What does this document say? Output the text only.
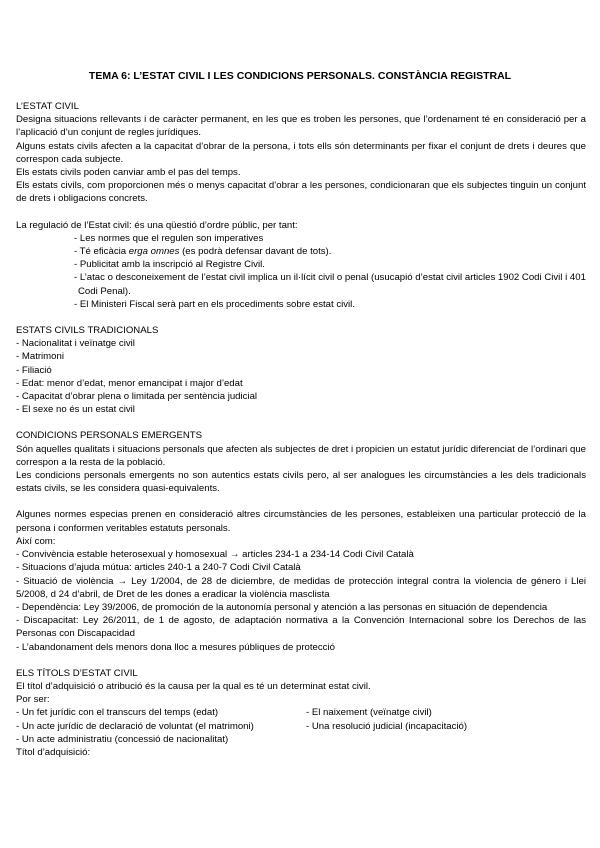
TEMA 6: L’ESTAT CIVIL I LES CONDICIONS PERSONALS. CONSTÀNCIA REGISTRAL

L’ESTAT CIVIL

Designa situacions rellevants i de caràcter permanent, en les que es troben les persones, que l’ordenament té en consideració per a l’aplicació d’un conjunt de regles jurídiques.

Alguns estats civils afecten a la capacitat d’obrar de la persona, i tots ells són determinants per fixar el conjunt de drets i deures que correspon cada subjecte.

Els estats civils poden canviar amb el pas del temps.

Els estats civils, com proporcionen més o menys capacitat d’obrar a les persones, condicionaran que els subjectes tinguin un conjunt de drets i obligacions concrets.

La regulació de l’Estat civil: és una qüestió d’ordre públic, per tant:

- Les normes que el regulen son imperatives
- Té eficàcia erga omnes (es podrà defensar davant de tots).
- Publicitat amb la inscripció al Registre Civil.
- L’atac o desconeixement de l’estat civil implica un il·lícit civil o penal (usucapió d’estat civil articles 1902 Codi Civil i 401 Codi Penal).
- El Ministeri Fiscal serà part en els procediments sobre estat civil.

ESTATS CIVILS TRADICIONALS

- Nacionalitat i veïnatge civil
- Matrimoni
- Filiació
- Edat: menor d’edat, menor emancipat i major d’edat
- Capacitat d’obrar plena o limitada per sentència judicial
- El sexe no és un estat civil

CONDICIONS PERSONALS EMERGENTS

Són aquelles qualitats i situacions personals que afecten als subjectes de dret i propicien un estatut jurídic diferenciat de l’ordinari que correspon a la resta de la població.

Les condicions personals emergents no son autentics estats civils pero, al ser analogues les circumstàncies a les dels tradicionals estats civils, se les considera quasi-equivalents.

Algunes normes especias prenen en consideració altres circumstàncies de les persones, estableixen una particular protecció de la persona i conformen veritables estatuts personals.

Així com:

- Convivència estable heterosexual y homosexual → articles 234-1 a 234-14 Codi Civil Català
- Situacions d’ajuda mútua: articles 240-1 a 240-7 Codi Civil Català
- Situació de violència → Ley 1/2004, de 28 de diciembre, de medidas de protección integral contra la violencia de género i Llei 5/2008, d 24 d’abril, de Dret de les dones a eradicar la violència masclista
- Dependència: Ley 39/2006, de promoción de la autonomía personal y atención a las personas en situación de dependencia
- Discapacitat: Ley 26/2011, de 1 de agosto, de adaptación normativa a la Convención Internacional sobre los Derechos de las Personas con Discapacidad
- L’abandonament dels menors dona lloc a mesures públiques de protecció

ELS TÍTOLS D’ESTAT CIVIL

El títol d’adquisició o atribució és la causa per la qual es té un determinat estat civil.

Por ser:

- Un fet jurídic con el transcurs del temps (edat)
- Un acte jurídic de declaració de voluntat (el matrimoni)
- Un acte administratiu (concessió de nacionalitat)
- El naixement (veïnatge civil)
- Una resolució judicial (incapacitació)

Títol d’adquisició:
